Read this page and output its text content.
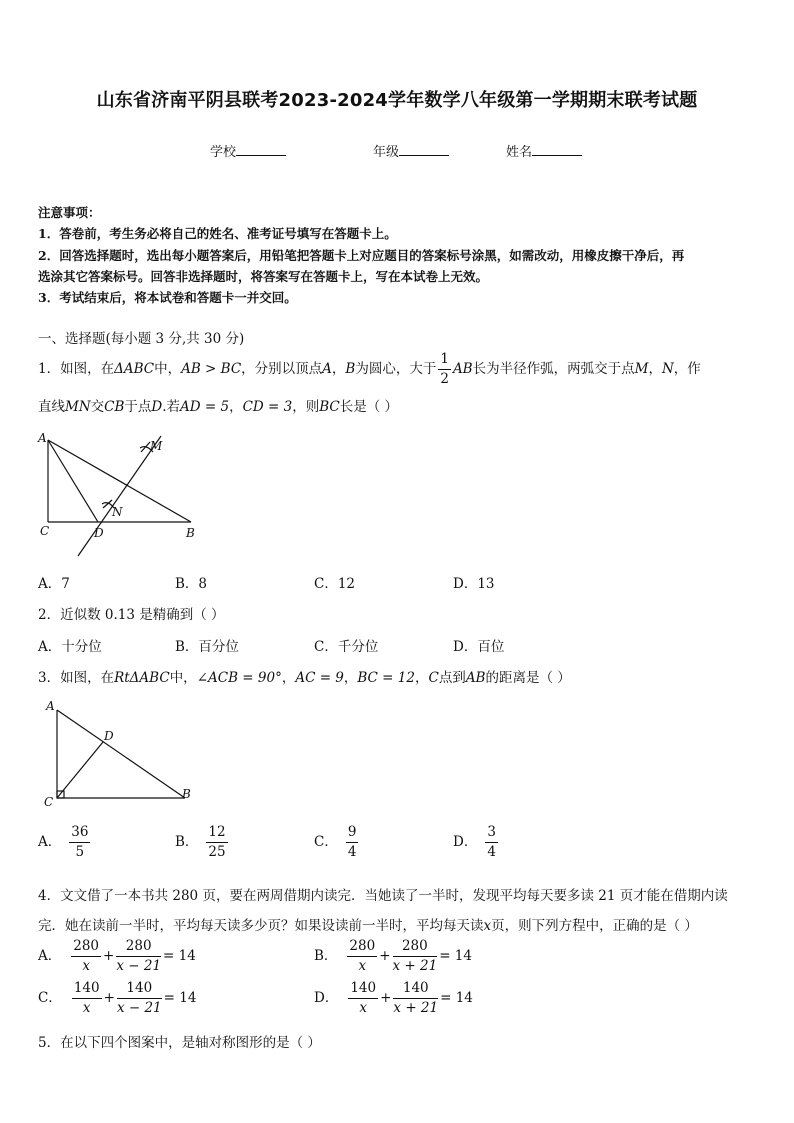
山东省济南平阴县联考2023-2024学年数学八年级第一学期期末联考试题
学校	年级	姓名
注意事项：
1．答卷前，考生务必将自己的姓名、准考证号填写在答题卡上。
2．回答选择题时，选出每小题答案后，用铅笔把答题卡上对应题目的答案标号涂黑，如需改动，用橡皮擦干净后，再
选涂其它答案标号。回答非选择题时，将答案写在答题卡上，写在本试卷上无效。
3．考试结束后，将本试卷和答题卡一并交回。
一、选择题(每小题 3 分,共 30 分)
1．如图，在ΔABC中，AB > BC，分别以顶点A，B为圆心，大于 $\frac{1}{2}$ AB长为半径作弧，两弧交于点M，N，作
直线MN交CB于点D.若AD = 5，CD = 3，则BC长是（ ）
A
M
N
C	D	B
A．7	B．8	C．12	D．13
2．近似数 0.13 是精确到（ ）
A．十分位	B．百分位	C．千分位	D．百位
3．如图，在RtΔABC中，∠ACB = 90°，AC = 9，BC = 12，C点到AB的距离是（ ）
A
D
C
B
A． $\frac{36}{5}$	B． $\frac{12}{25}$	C． $\frac{9}{4}$	D． $\frac{3}{4}$
4．文文借了一本书共 280 页，要在两周借期内读完．当她读了一半时，发现平均每天要多读 21 页才能在借期内读
完．她在读前一半时，平均每天读多少页？如果设读前一半时，平均每天读x页，则下列方程中，正确的是（ ）
A． $\frac{280}{x} + \frac{280}{x - 21} = 14$	B． $\frac{280}{x} + \frac{280}{x + 21} = 14$
C． $\frac{140}{x} + \frac{140}{x - 21} = 14$	D． $\frac{140}{x} + \frac{140}{x + 21} = 14$
5．在以下四个图案中，是轴对称图形的是（ ）
